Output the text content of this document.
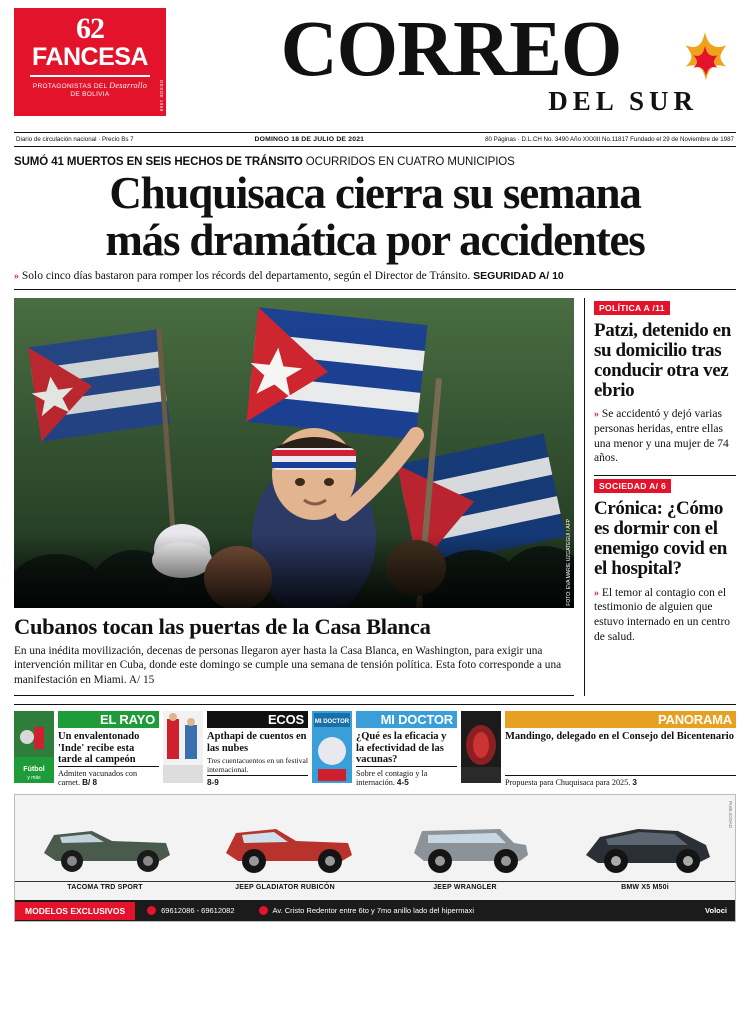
62
FANCESA
PROTAGONISTAS DEL Desarrollo
DE BOLIVIA	DESDE 1959
CORREO
DEL SUR
Diario de circulación nacional · Precio Bs 7	DOMINGO 18 DE JULIO DE 2021	80 Páginas · D.L.CH No. 3490 Año XXXIII No.11817 Fundado el 29 de Noviembre de 1987
SUMÓ 41 MUERTOS EN SEIS HECHOS DE TRÁNSITO OCURRIDOS EN CUATRO MUNICIPIOS
Chuquisaca cierra su semana
más dramática por accidentes
» Solo cinco días bastaron para romper los récords del departamento, según el Director de Tránsito. SEGURIDAD A/ 10
FOTO: EVA MARIE UZCATEGUI / AFP
Cubanos tocan las puertas de la Casa Blanca
En una inédita movilización, decenas de personas llegaron ayer hasta la Casa Blanca, en Washington, para exigir una intervención militar en Cuba, donde este domingo se cumple una semana de tensión política. Esta foto corresponde a una manifestación en Miami. A/ 15
POLÍTICA A /11
Patzi, detenido en su domicilio tras conducir otra vez ebrio
» Se accidentó y dejó varias personas heridas, entre ellas una menor y una mujer de 74 años.
SOCIEDAD A/ 6
Crónica: ¿Cómo es dormir con el enemigo covid en el hospital?
» El temor al contagio con el testimonio de alguien que estuvo internado en un centro de salud.
Fútbol
y más
EL RAYO
Un envalentonado 'Inde' recibe esta tarde al campeón
Admiten vacunados con carnet. B/ 8
ECOS
Apthapi de cuentos en las nubes
Tres cuentacuentos en un festival internacional.
8-9
MI DOCTOR	MI DOCTOR
¿Qué es la eficacia y la efectividad de las vacunas?
Sobre el contagio y la internación. 4-5
PANORAMA
Mandingo, delegado en el Consejo del Bicentenario
Propuesta para Chuquisaca para 2025. 3
TACOMA TRD SPORT	JEEP GLADIATOR RUBICÓN	JEEP WRANGLER	BMW X5 M50i
MODELOS EXCLUSIVOS	69612086 - 69612082	Av. Cristo Redentor entre 6to y 7mo anillo lado del hipermaxi	Voloci
PUBLICIDAD
